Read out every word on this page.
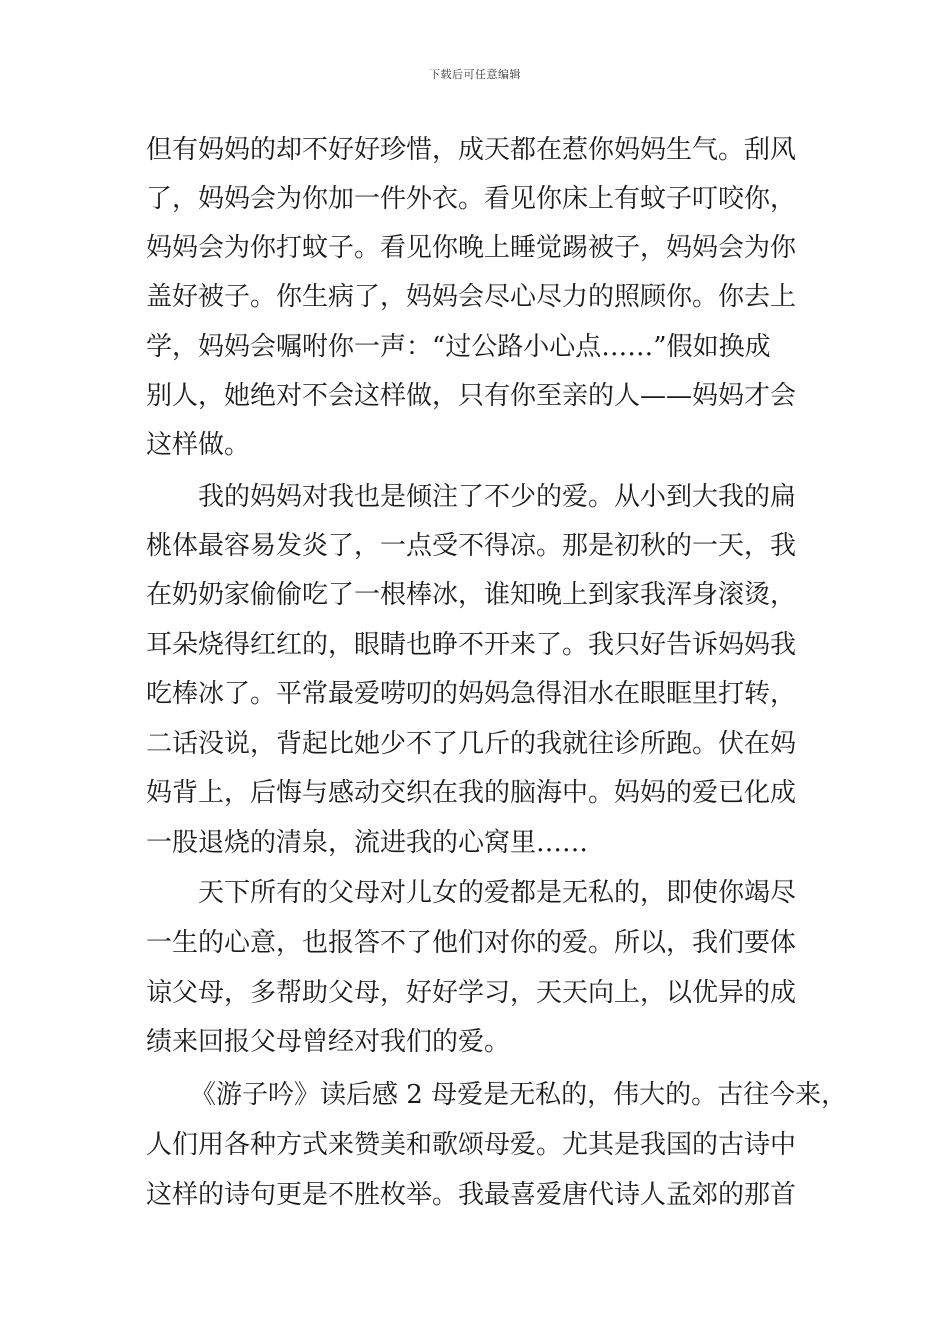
下载后可任意编辑
但有妈妈的却不好好珍惜，成天都在惹你妈妈生气。刮风
了，妈妈会为你加一件外衣。看见你床上有蚊子叮咬你，
妈妈会为你打蚊子。看见你晚上睡觉踢被子，妈妈会为你
盖好被子。你生病了，妈妈会尽心尽力的照顾你。你去上
学，妈妈会嘱咐你一声：“过公路小心点……”假如换成
别人，她绝对不会这样做，只有你至亲的人——妈妈才会
这样做。
我的妈妈对我也是倾注了不少的爱。从小到大我的扁
桃体最容易发炎了，一点受不得凉。那是初秋的一天，我
在奶奶家偷偷吃了一根棒冰，谁知晚上到家我浑身滚烫，
耳朵烧得红红的，眼睛也睁不开来了。我只好告诉妈妈我
吃棒冰了。平常最爱唠叨的妈妈急得泪水在眼眶里打转，
二话没说，背起比她少不了几斤的我就往诊所跑。伏在妈
妈背上，后悔与感动交织在我的脑海中。妈妈的爱已化成
一股退烧的清泉，流进我的心窝里……
天下所有的父母对儿女的爱都是无私的，即使你竭尽
一生的心意，也报答不了他们对你的爱。所以，我们要体
谅父母，多帮助父母，好好学习，天天向上，以优异的成
绩来回报父母曾经对我们的爱。
《游子吟》读后感 2 母爱是无私的，伟大的。古往今来，
人们用各种方式来赞美和歌颂母爱。尤其是我国的古诗中
这样的诗句更是不胜枚举。我最喜爱唐代诗人孟郊的那首
